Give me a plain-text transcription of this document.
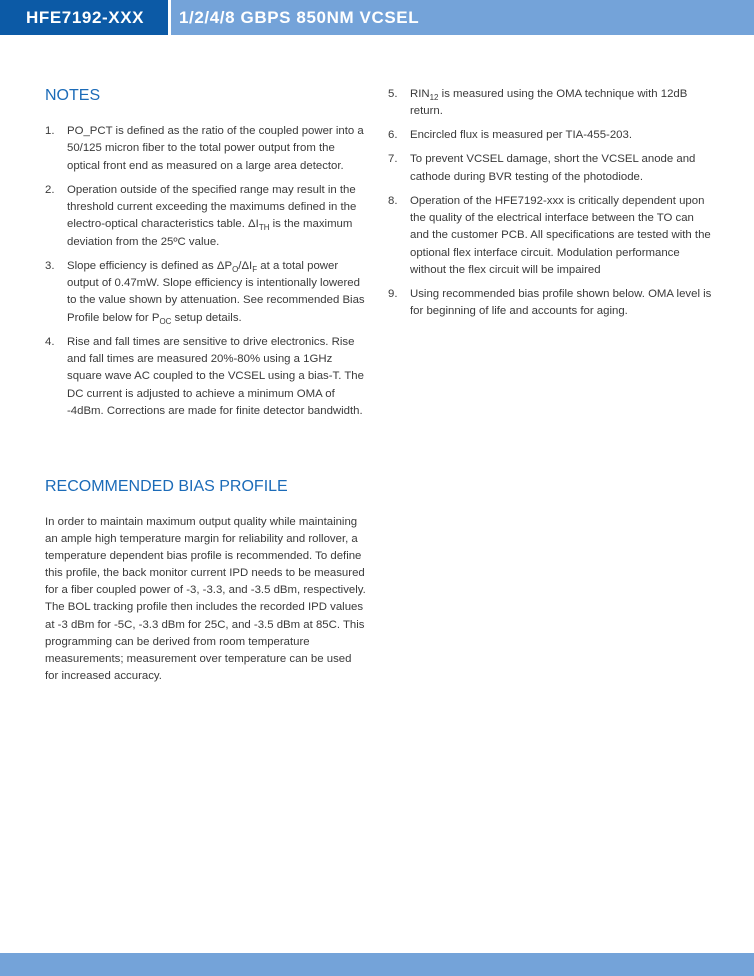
HFE7192-XXX	1/2/4/8 GBPS 850NM VCSEL
NOTES
1. PO_PCT is defined as the ratio of the coupled power into a 50/125 micron fiber to the total power output from the optical front end as measured on a large area detector.
2. Operation outside of the specified range may result in the threshold current exceeding the maximums defined in the electro-optical characteristics table. $\Delta I_{TH}$ is the maximum deviation from the 25ºC value.
3. Slope efficiency is defined as $\Delta P_O/\Delta I_F$ at a total power output of 0.47mW. Slope efficiency is intentionally lowered to the value shown by attenuation. See recommended Bias Profile below for $P_{OC}$ setup details.
4. Rise and fall times are sensitive to drive electronics. Rise and fall times are measured 20%-80% using a 1GHz square wave AC coupled to the VCSEL using a bias-T. The DC current is adjusted to achieve a minimum OMA of -4dBm. Corrections are made for finite detector bandwidth.
5. $RIN_{12}$ is measured using the OMA technique with 12dB return.
6. Encircled flux is measured per TIA-455-203.
7. To prevent VCSEL damage, short the VCSEL anode and cathode during BVR testing of the photodiode.
8. Operation of the HFE7192-xxx is critically dependent upon the quality of the electrical interface between the TO can and the customer PCB. All specifications are tested with the optional flex interface circuit. Modulation performance without the flex circuit will be impaired
9. Using recommended bias profile shown below. OMA level is for beginning of life and accounts for aging.
RECOMMENDED BIAS PROFILE

In order to maintain maximum output quality while maintaining an ample high temperature margin for reliability and rollover, a temperature dependent bias profile is recommended. To define this profile, the back monitor current IPD needs to be measured for a fiber coupled power of -3, -3.3, and -3.5 dBm, respectively. The BOL tracking profile then includes the recorded IPD values at -3 dBm for -5C, -3.3 dBm for 25C, and -3.5 dBm at 85C. This programming can be derived from room temperature measurements; measurement over temperature can be used for increased accuracy.
